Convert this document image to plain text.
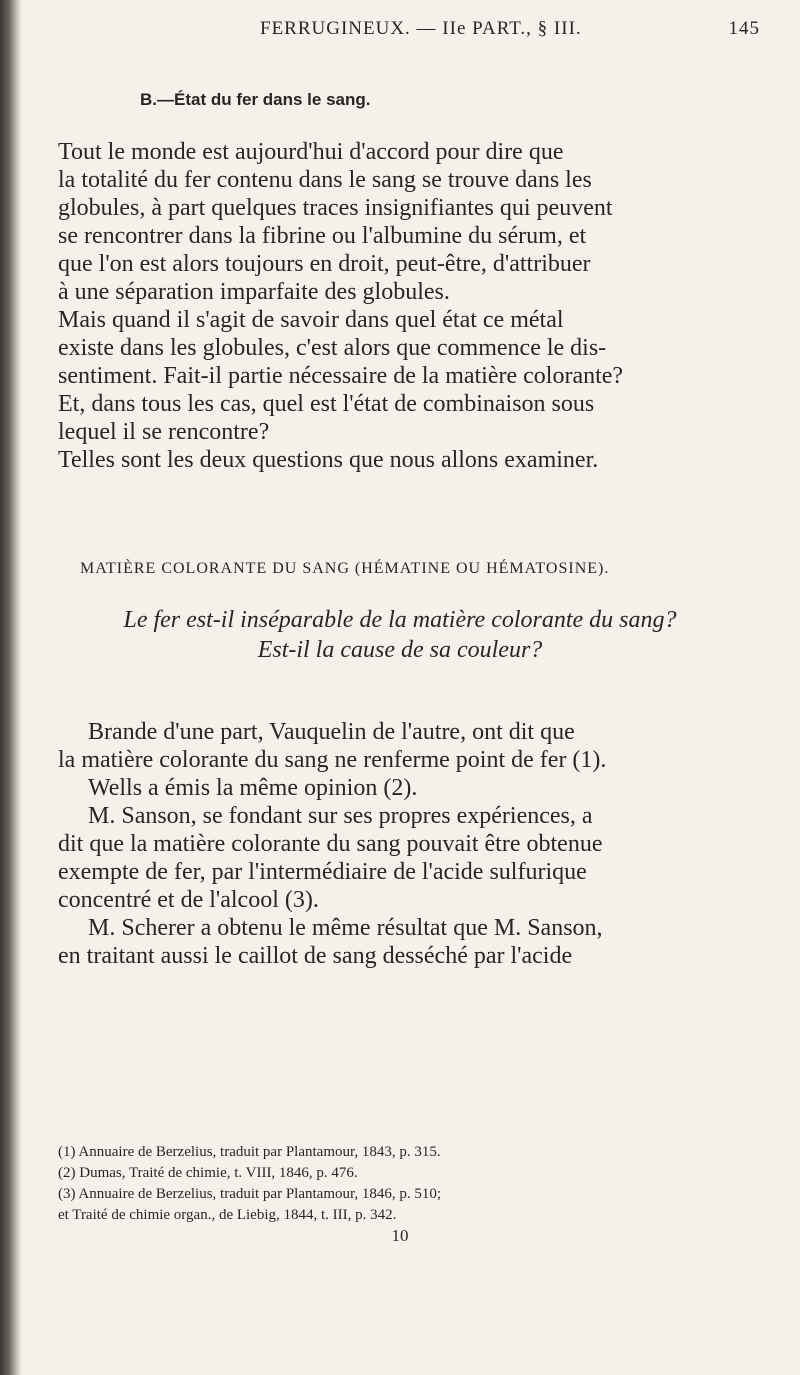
FERRUGINEUX. — IIe PART., § III.	145
B.—État du fer dans le sang.
Tout le monde est aujourd'hui d'accord pour dire que
la totalité du fer contenu dans le sang se trouve dans les
globules, à part quelques traces insignifiantes qui peuvent
se rencontrer dans la fibrine ou l'albumine du sérum, et
que l'on est alors toujours en droit, peut-être, d'attribuer
à une séparation imparfaite des globules.
Mais quand il s'agit de savoir dans quel état ce métal
existe dans les globules, c'est alors que commence le dis-
sentiment. Fait-il partie nécessaire de la matière colorante?
Et, dans tous les cas, quel est l'état de combinaison sous
lequel il se rencontre?
Telles sont les deux questions que nous allons examiner.
MATIÈRE COLORANTE DU SANG (HÉMATINE OU HÉMATOSINE).
Le fer est-il inséparable de la matière colorante du sang?
Est-il la cause de sa couleur?
Brande d'une part, Vauquelin de l'autre, ont dit que
la matière colorante du sang ne renferme point de fer (1).
Wells a émis la même opinion (2).
M. Sanson, se fondant sur ses propres expériences, a
dit que la matière colorante du sang pouvait être obtenue
exempte de fer, par l'intermédiaire de l'acide sulfurique
concentré et de l'alcool (3).
M. Scherer a obtenu le même résultat que M. Sanson,
en traitant aussi le caillot de sang desséché par l'acide
(1) Annuaire de Berzelius, traduit par Plantamour, 1843, p. 315.
(2) Dumas, Traité de chimie, t. VIII, 1846, p. 476.
(3) Annuaire de Berzelius, traduit par Plantamour, 1846, p. 510;
et Traité de chimie organ., de Liebig, 1844, t. III, p. 342.
10
